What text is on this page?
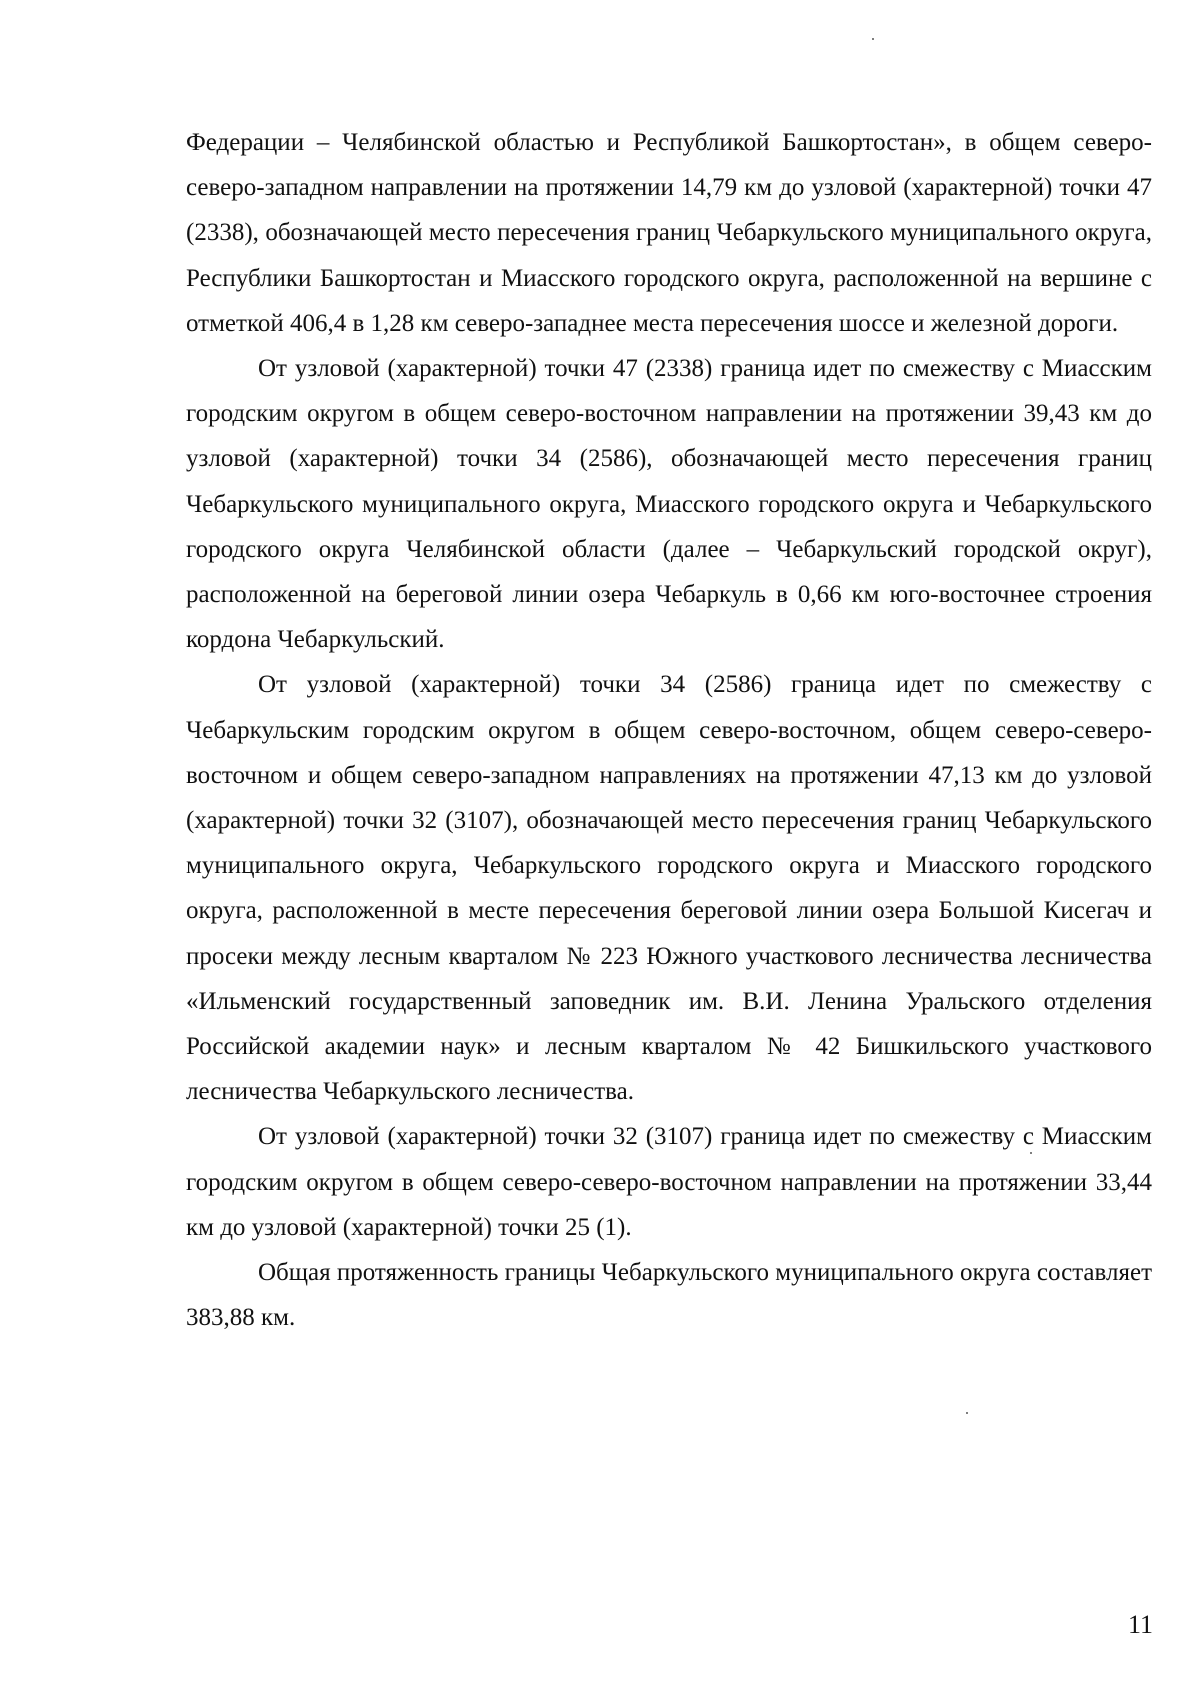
Федерации – Челябинской областью и Республикой Башкортостан», в общем северо-северо-западном направлении на протяжении 14,79 км до узловой (характерной) точки 47 (2338), обозначающей место пересечения границ Чебаркульского муниципального округа, Республики Башкортостан и Миасского городского округа, расположенной на вершине с отметкой 406,4 в 1,28 км северо-западнее места пересечения шоссе и железной дороги.

От узловой (характерной) точки 47 (2338) граница идет по смежеству с Миасским городским округом в общем северо-восточном направлении на протяжении 39,43 км до узловой (характерной) точки 34 (2586), обозначающей место пересечения границ Чебаркульского муниципального округа, Миасского городского округа и Чебаркульского городского округа Челябинской области (далее – Чебаркульский городской округ), расположенной на береговой линии озера Чебаркуль в 0,66 км юго-восточнее строения кордона Чебаркульский.

От узловой (характерной) точки 34 (2586) граница идет по смежеству с Чебаркульским городским округом в общем северо-восточном, общем северо-северо-восточном и общем северо-западном направлениях на протяжении 47,13 км до узловой (характерной) точки 32 (3107), обозначающей место пересечения границ Чебаркульского муниципального округа, Чебаркульского городского округа и Миасского городского округа, расположенной в месте пересечения береговой линии озера Большой Кисегач и просеки между лесным кварталом № 223 Южного участкового лесничества лесничества «Ильменский государственный заповедник им. В.И. Ленина Уральского отделения Российской академии наук» и лесным кварталом № 42 Бишкильского участкового лесничества Чебаркульского лесничества.

От узловой (характерной) точки 32 (3107) граница идет по смежеству с Миасским городским округом в общем северо-северо-восточном направлении на протяжении 33,44 км до узловой (характерной) точки 25 (1).

Общая протяженность границы Чебаркульского муниципального округа составляет 383,88 км.

11
